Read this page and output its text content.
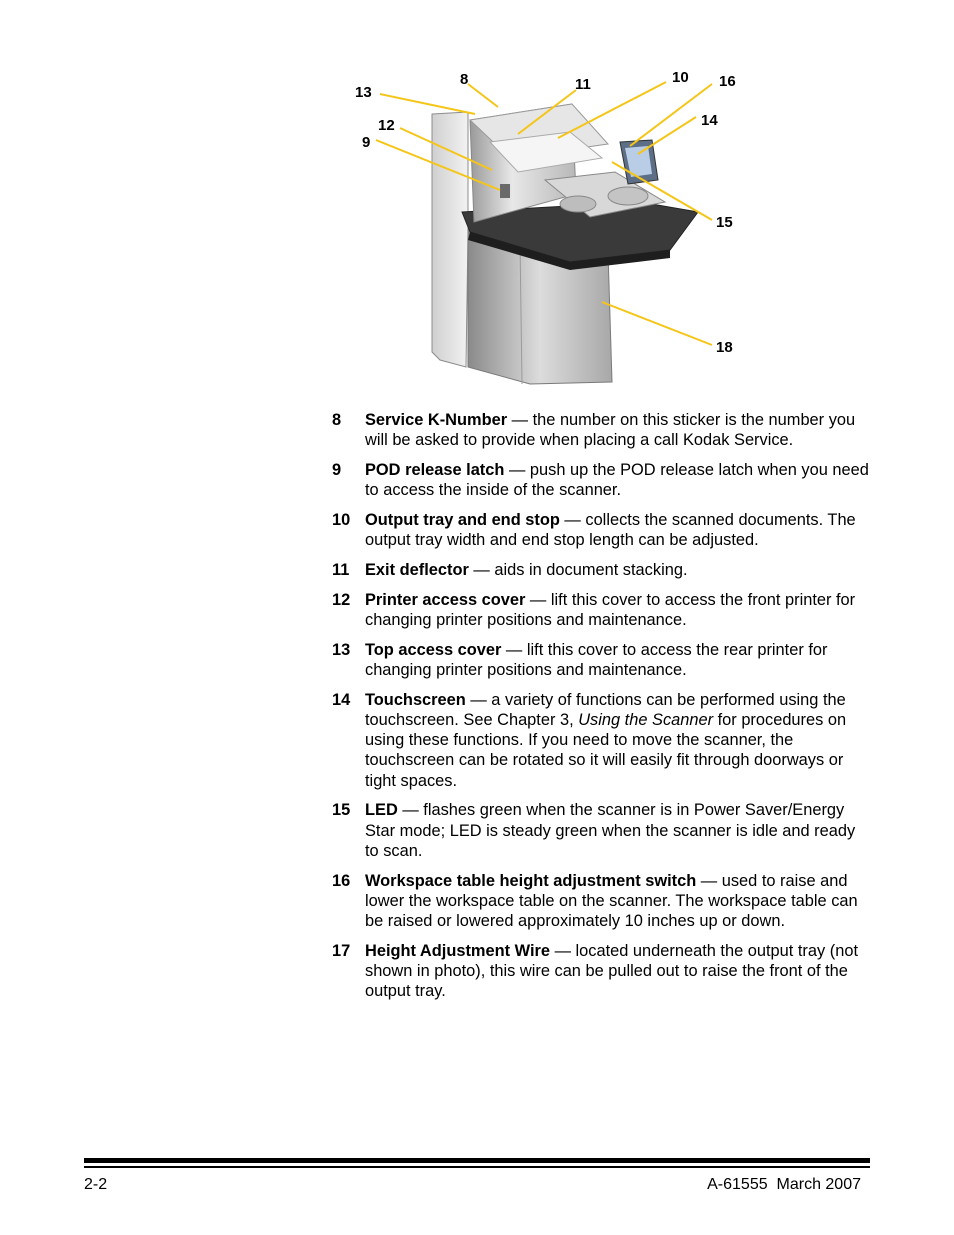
8
9
10
11
12
13
14
15
16
18
8 Service K-Number — the number on this sticker is the number you will be asked to provide when placing a call Kodak Service.
9 POD release latch — push up the POD release latch when you need to access the inside of the scanner.
10 Output tray and end stop — collects the scanned documents. The output tray width and end stop length can be adjusted.
11 Exit deflector — aids in document stacking.
12 Printer access cover — lift this cover to access the front printer for changing printer positions and maintenance.
13 Top access cover — lift this cover to access the rear printer for changing printer positions and maintenance.
14 Touchscreen — a variety of functions can be performed using the touchscreen. See Chapter 3, Using the Scanner for procedures on using these functions. If you need to move the scanner, the touchscreen can be rotated so it will easily fit through doorways or tight spaces.
15 LED — flashes green when the scanner is in Power Saver/Energy Star mode; LED is steady green when the scanner is idle and ready to scan.
16 Workspace table height adjustment switch — used to raise and lower the workspace table on the scanner. The workspace table can be raised or lowered approximately 10 inches up or down.
17 Height Adjustment Wire — located underneath the output tray (not shown in photo), this wire can be pulled out to raise the front of the output tray.
2-2	A-61555  March 2007
